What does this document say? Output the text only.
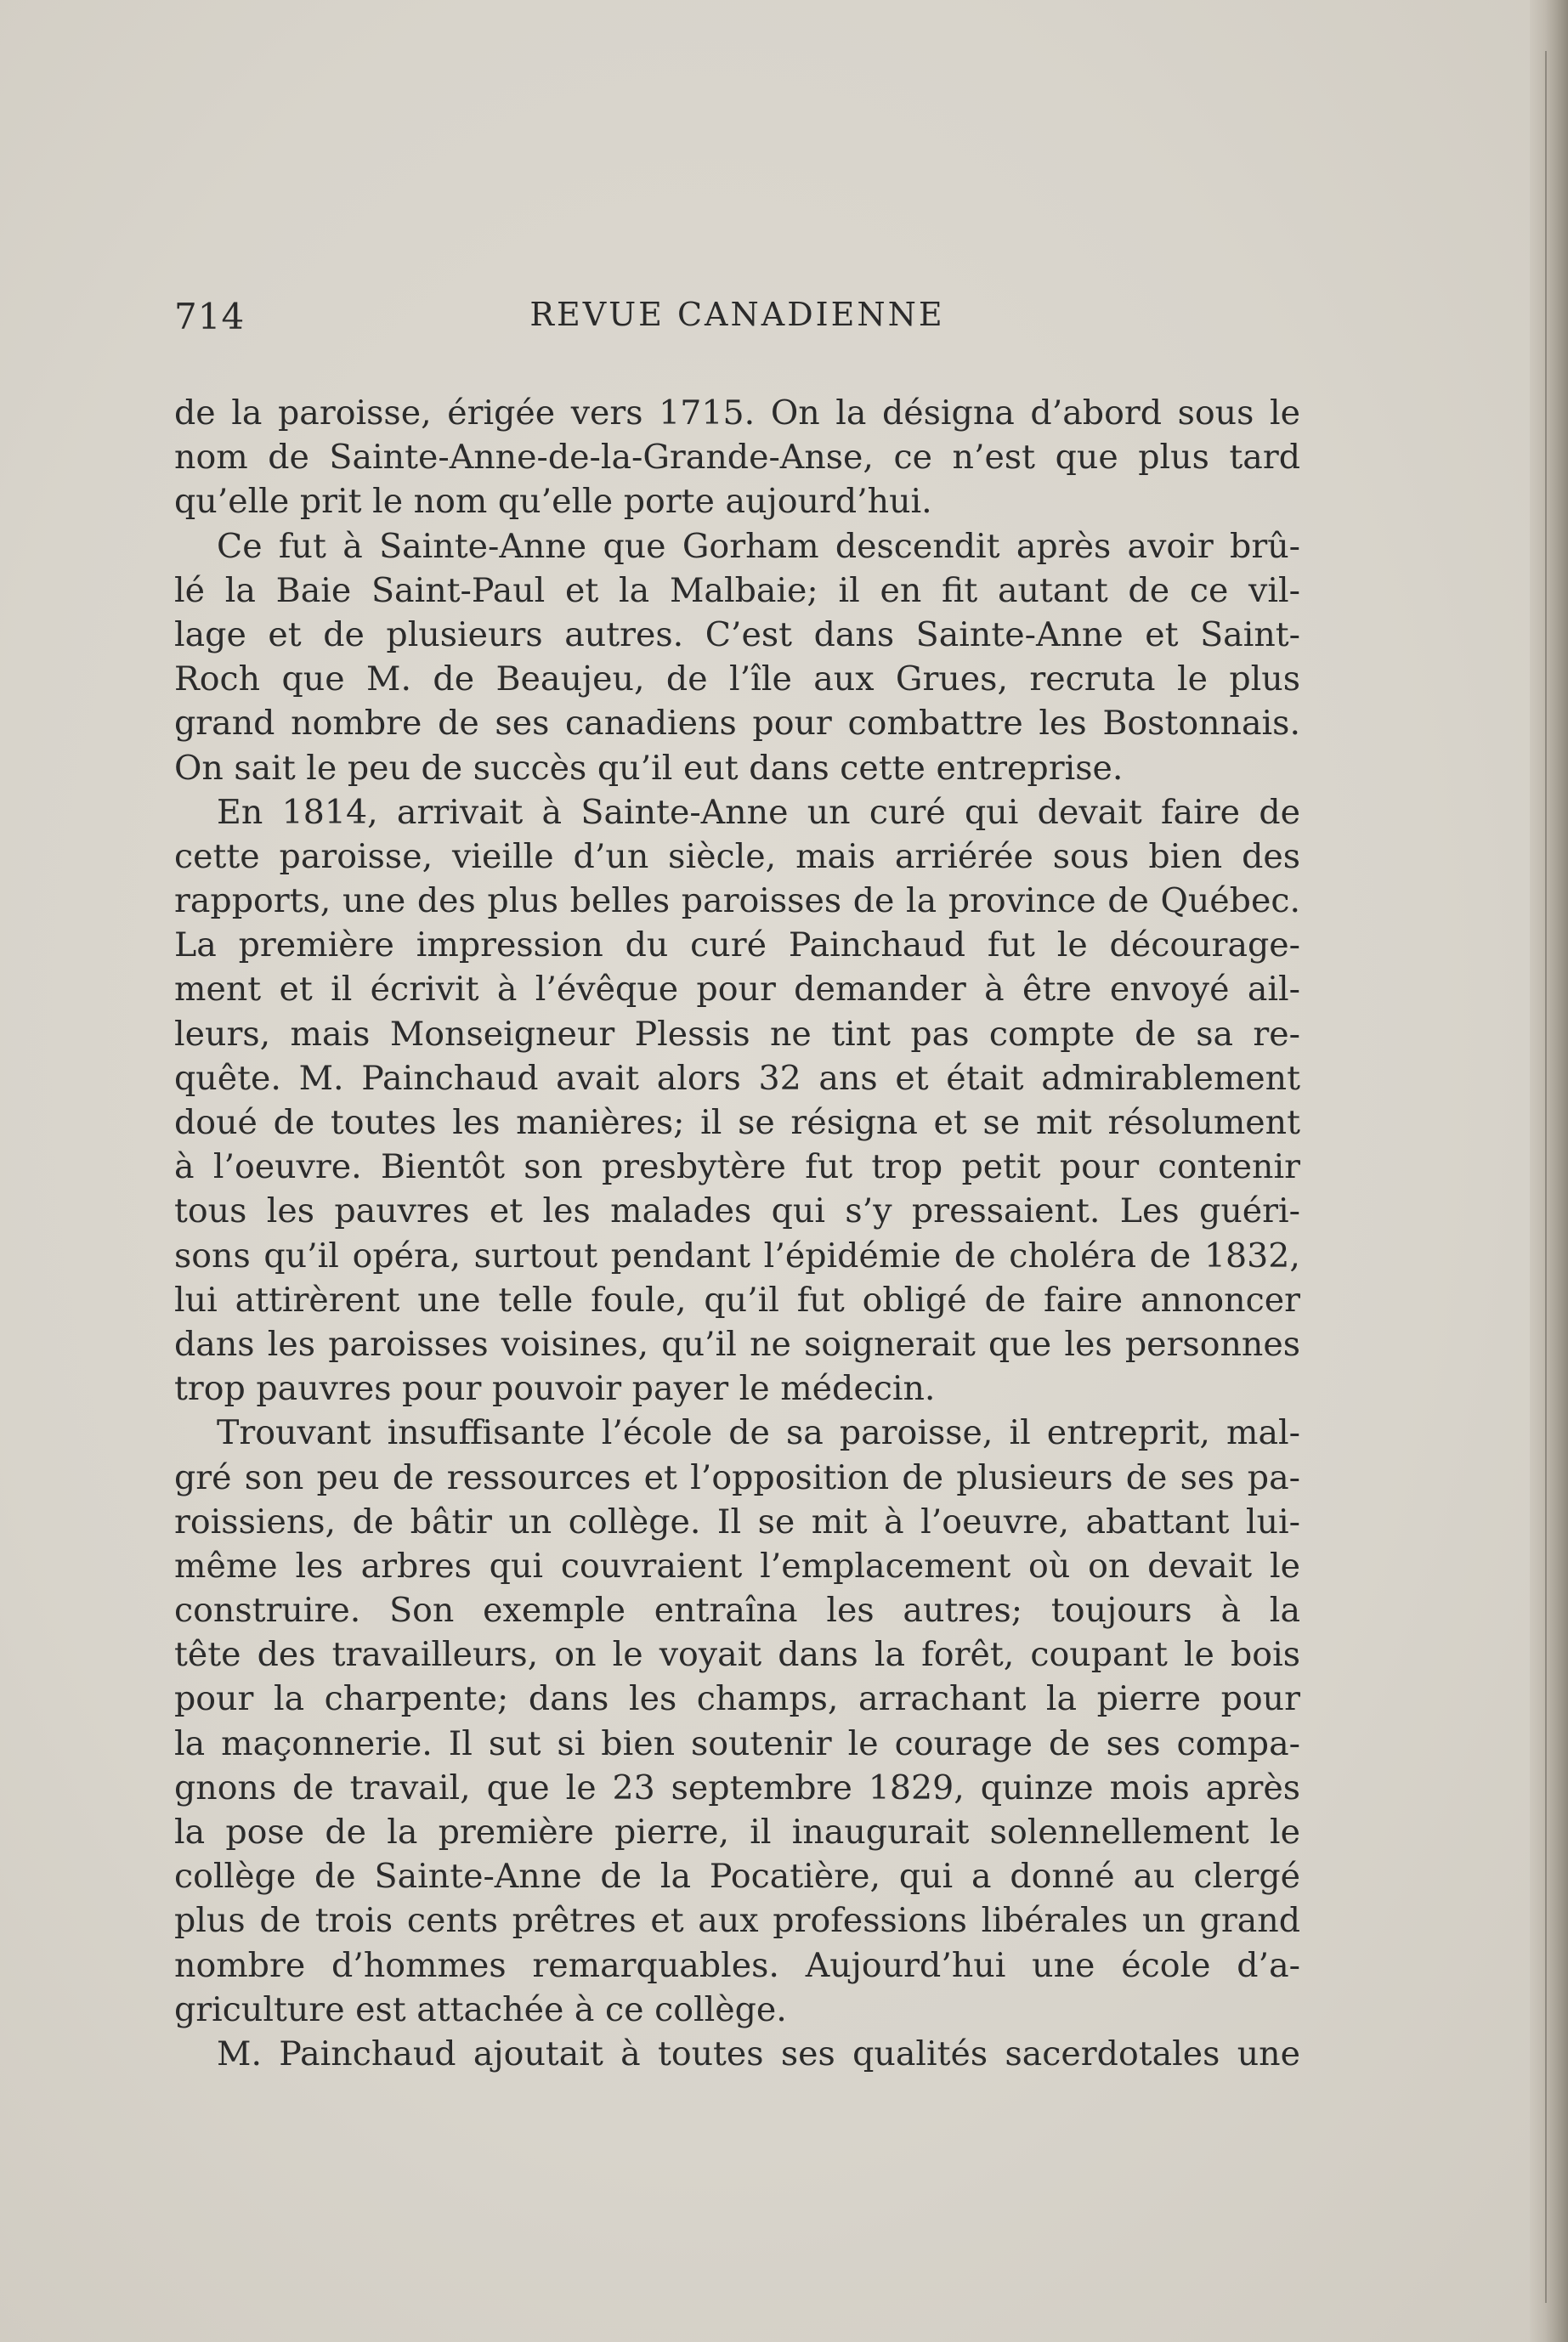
714	REVUE CANADIENNE
de la paroisse, érigée vers 1715. On la désigna d’abord sous le
nom de Sainte-Anne-de-la-Grande-Anse, ce n’est que plus tard
qu’elle prit le nom qu’elle porte aujourd’hui.
Ce fut à Sainte-Anne que Gorham descendit après avoir brû-
lé la Baie Saint-Paul et la Malbaie; il en fit autant de ce vil-
lage et de plusieurs autres. C’est dans Sainte-Anne et Saint-
Roch que M. de Beaujeu, de l’île aux Grues, recruta le plus
grand nombre de ses canadiens pour combattre les Bostonnais.
On sait le peu de succès qu’il eut dans cette entreprise.
En 1814, arrivait à Sainte-Anne un curé qui devait faire de
cette paroisse, vieille d’un siècle, mais arriérée sous bien des
rapports, une des plus belles paroisses de la province de Québec.
La première impression du curé Painchaud fut le découragе-
ment et il écrivit à l’évêque pour demander à être envoyé ail-
leurs, mais Monseigneur Plessis ne tint pas compte de sa re-
quête. M. Painchaud avait alors 32 ans et était admirablement
doué de toutes les manières; il se résigna et se mit résolument
à l’oeuvre. Bientôt son presbytère fut trop petit pour contenir
tous les pauvres et les malades qui s’y pressaient. Les guéri-
sons qu’il opéra, surtout pendant l’épidémie de choléra de 1832,
lui attirèrent une telle foule, qu’il fut obligé de faire annoncer
dans les paroisses voisines, qu’il ne soignerait que les personnes
trop pauvres pour pouvoir payer le médecin.
Trouvant insuffisante l’école de sa paroisse, il entreprit, mal-
gré son peu de ressources et l’opposition de plusieurs de ses pa-
roissiens, de bâtir un collège. Il se mit à l’oeuvre, abattant lui-
même les arbres qui couvraient l’emplacement où on devait le
construire. Son exemple entraîna les autres; toujours à la
tête des travailleurs, on le voyait dans la forêt, coupant le bois
pour la charpente; dans les champs, arrachant la pierre pour
la maçonnerie. Il sut si bien soutenir le courage de ses compa-
gnons de travail, que le 23 septembre 1829, quinze mois après
la pose de la première pierre, il inaugurait solennellement le
collège de Sainte-Anne de la Pocatière, qui a donné au clergé
plus de trois cents prêtres et aux professions libérales un grand
nombre d’hommes remarquables. Aujourd’hui une école d’a-
griculture est attachée à ce collège.
M. Painchaud ajoutait à toutes ses qualités sacerdotales une
